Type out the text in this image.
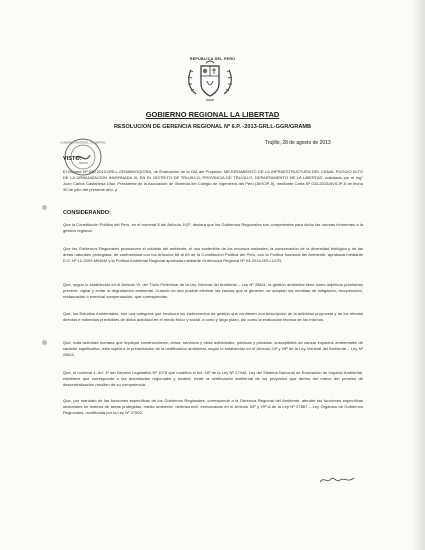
REPÚBLICA DEL PERÚ
GOBIERNO REGIONAL LA LIBERTAD
RESOLUCION DE GERENCIA REGIONAL Nº 6.P. -2013-GRLL-GGR/GRAMB
GOBIERNO REGIONAL LA LIBERTAD	Trujillo, 28 de agosto de 2013
VISTO:
El Informe Nº 030-2013-GRLL-GRAMB/OQ/OSA, de Evaluación de la DIA del Proyecto: MEJORAMIENTO DE LA INFRAESTRUCTURA DEL CANAL PUGUIO ALTO DE LA URBANIZACION INVERNADA III, EN EL DISTRITO DE TRUJILLO, PROVINCIA DE TRUJILLO, DEPARTAMENTO DE LA LIBERTAD, solicitado por el Ing° Juan Carlos Castañeda Díaz, Presidente de la Asociación de Vivienda del Colegio de Ingenieros del Perú (AVICIP-5), mediante Carta Nº 033-2013/AVICIP-5 de fecha 30 de julio del presente año, y
CONSIDERANDO:
Que la Constitución Política del Perú, en el numeral 8 del Artículo 192º, declara que los Gobiernos Regionales son competentes para dictar las normas inherentes a la gestión regional.
Que los Gobiernos Regionales promueven el cuidado del ambiente, el uso sostenible de los recursos naturales, la conservación de la diversidad biológica y de las áreas naturales protegidas, de conformidad con los Artículos 66 al 69 de la Constitución Política del Perú, con la Política Nacional del Ambiente, aprobada mediante D.S. Nº 12-2009-MINAM y la Política Ambiental Regional aprobada mediante Ordenanza Regional Nº 04-2014-GR-LL/CR.
Que, según lo establecido en el Artículo VI, del Título Preliminar de la Ley General del Ambiente – Ley Nº 28611, la gestión ambiental tiene como objetivos prioritarios prevenir, vigilar y evitar la degradación ambiental. Cuando no sea posible eliminar las causas que la generan, se adoptan las medidas de mitigación, recuperación, restauración o eventual compensación, que correspondan.
Que, los Estudios Ambientales, son una categoría que involucra los instrumentos de gestión que contienen una descripción de la actividad propuesta y de los efectos directos e indirectos previsibles de dicha actividad en el medio físico y social, a corto y largo plazo, así como la evaluación técnica de los mismos.
Que, toda actividad humana que implique construcciones, obras, servicios y otras actividades, públicas y privadas, susceptibles de causar impactos ambientales de carácter significativo, está sujeta a la presentación de la certificación ambiental, según lo establecido en el Artículo 24º y 25º de la Ley General del Ambiente – Ley Nº 28611.
Que, el numeral 4, Art. 1º del Decreto Legislativo Nº 1078 que modifica el Art. 15º de la Ley Nº 27446, Ley del Sistema Nacional de Evaluación de Impacto Ambiental, establece que corresponde a las autoridades regionales y locales, emitir la certificación ambiental de los proyectos que dentro del marco del proceso de descentralización resulten de su competencia.
Que, por mandato de las funciones específicas de los Gobiernos Regionales, corresponde a la Gerencia Regional del Ambiente, atender las funciones específicas sectoriales en materia de áreas protegidas, medio ambiente, defensa civil, enmarcadas en el Artículo 53º y 29º-A de la Ley Nº 27867 – Ley Orgánica de Gobiernos Regionales, modificada por la Ley Nº 27902.
